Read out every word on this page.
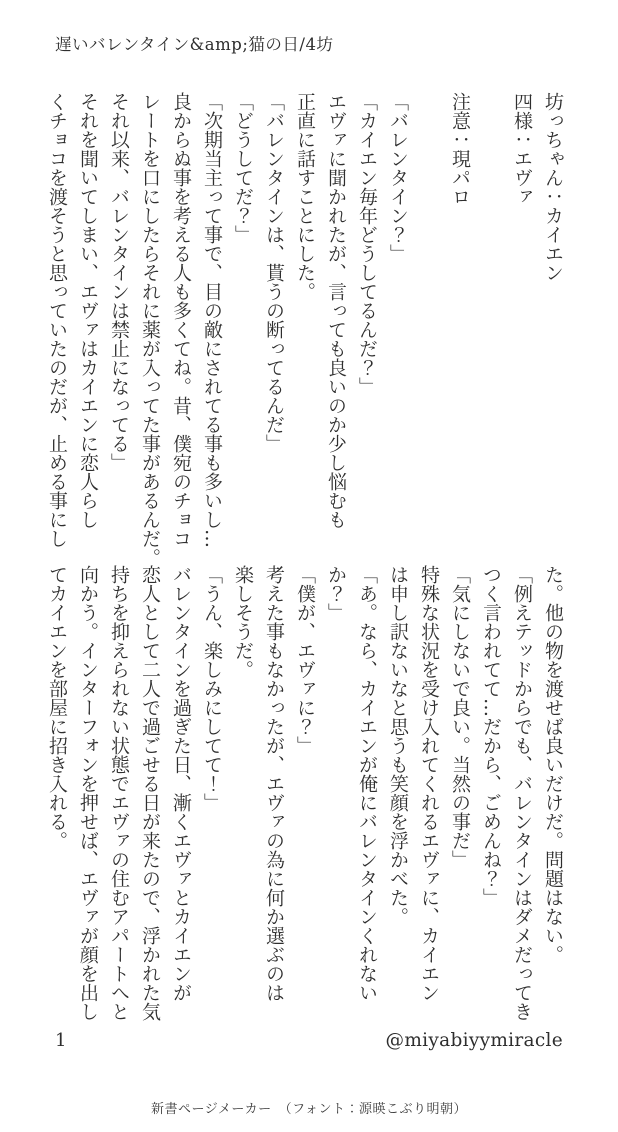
遅いバレンタイン&amp;猫の日/4坊
坊っちゃん：カイエン
四様：エヴァ

注意：現パロ

「バレンタイン？」
「カイエン毎年どうしてるんだ？」
エヴァに聞かれたが、言っても良いのか少し悩むも
正直に話すことにした。
「バレンタインは、貰うの断ってるんだ」
「どうしてだ？」
「次期当主って事で、目の敵にされてる事も多いし…
良からぬ事を考える人も多くてね。昔、僕宛のチョコ
レートを口にしたらそれに薬が入ってた事があるんだ。
それ以来、バレンタインは禁止になってる」
それを聞いてしまい、エヴァはカイエンに恋人らし
くチョコを渡そうと思っていたのだが、止める事にし
た。他の物を渡せば良いだけだ。問題はない。
「例えテッドからでも、バレンタインはダメだってき
つく言われてて…だから、ごめんね？」
「気にしないで良い。当然の事だ」
特殊な状況を受け入れてくれるエヴァに、カイエン
は申し訳ないなと思うも笑顔を浮かべた。
「あ。なら、カイエンが俺にバレンタインくれない
か？」
「僕が、エヴァに？」
考えた事もなかったが、エヴァの為に何か選ぶのは
楽しそうだ。
「うん、楽しみにしてて！」
バレンタインを過ぎた日、漸くエヴァとカイエンが
恋人として二人で過ごせる日が来たので、浮かれた気
持ちを抑えられない状態でエヴァの住むアパートへと
向かう。インターフォンを押せば、エヴァが顔を出し
てカイエンを部屋に招き入れる。
1	@miyabiyymiracle
新書ページメーカー　（フォント：源暎こぶり明朝）
